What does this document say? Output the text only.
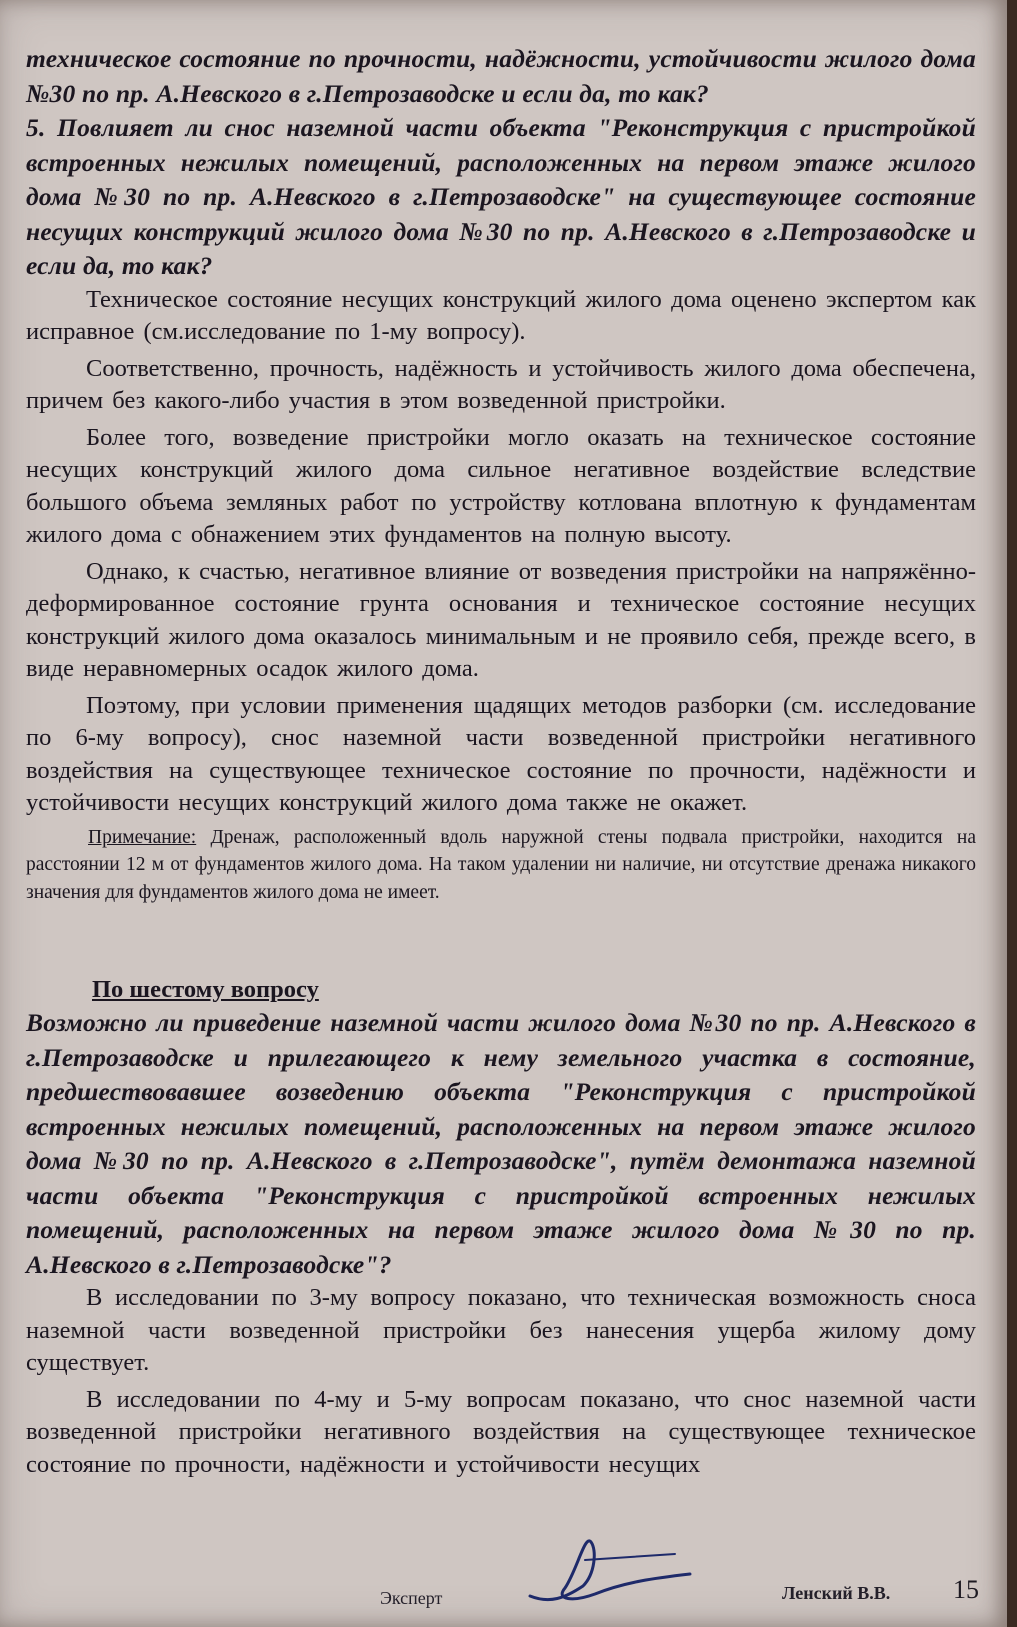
техническое состояние по прочности, надёжности, устойчивости жилого дома №30 по пр. А.Невского в г.Петрозаводске и если да, то как?

5. Повлияет ли снос наземной части объекта "Реконструкция с пристройкой встроенных нежилых помещений, расположенных на первом этаже жилого дома №30 по пр. А.Невского в г.Петрозаводске" на существующее состояние несущих конструкций жилого дома №30 по пр. А.Невского в г.Петрозаводске и если да, то как?

Техническое состояние несущих конструкций жилого дома оценено экспертом как исправное (см.исследование по 1-му вопросу).

Соответственно, прочность, надёжность и устойчивость жилого дома обеспечена, причем без какого-либо участия в этом возведенной пристройки.

Более того, возведение пристройки могло оказать на техническое состояние несущих конструкций жилого дома сильное негативное воздействие вследствие большого объема земляных работ по устройству котлована вплотную к фундаментам жилого дома с обнажением этих фундаментов на полную высоту.

Однако, к счастью, негативное влияние от возведения пристройки на напряжённо-деформированное состояние грунта основания и техническое состояние несущих конструкций жилого дома оказалось минимальным и не проявило себя, прежде всего, в виде неравномерных осадок жилого дома.

Поэтому, при условии применения щадящих методов разборки (см. исследование по 6-му вопросу), снос наземной части возведенной пристройки негативного воздействия на существующее техническое состояние по прочности, надёжности и устойчивости несущих конструкций жилого дома также не окажет.

Примечание: Дренаж, расположенный вдоль наружной стены подвала пристройки, находится на расстоянии 12 м от фундаментов жилого дома. На таком удалении ни наличие, ни отсутствие дренажа никакого значения для фундаментов жилого дома не имеет.

По шестому вопросу

Возможно ли приведение наземной части жилого дома №30 по пр. А.Невского в г.Петрозаводске и прилегающего к нему земельного участка в состояние, предшествовавшее возведению объекта "Реконструкция с пристройкой встроенных нежилых помещений, расположенных на первом этаже жилого дома №30 по пр. А.Невского в г.Петрозаводске", путём демонтажа наземной части объекта "Реконструкция с пристройкой встроенных нежилых помещений, расположенных на первом этаже жилого дома №30 по пр. А.Невского в г.Петрозаводске"?

В исследовании по 3-му вопросу показано, что техническая возможность сноса наземной части возведенной пристройки без нанесения ущерба жилому дому существует.

В исследовании по 4-му и 5-му вопросам показано, что снос наземной части возведенной пристройки негативного воздействия на существующее техническое состояние по прочности, надёжности и устойчивости несущих

Эксперт	Ленский В.В. 15
